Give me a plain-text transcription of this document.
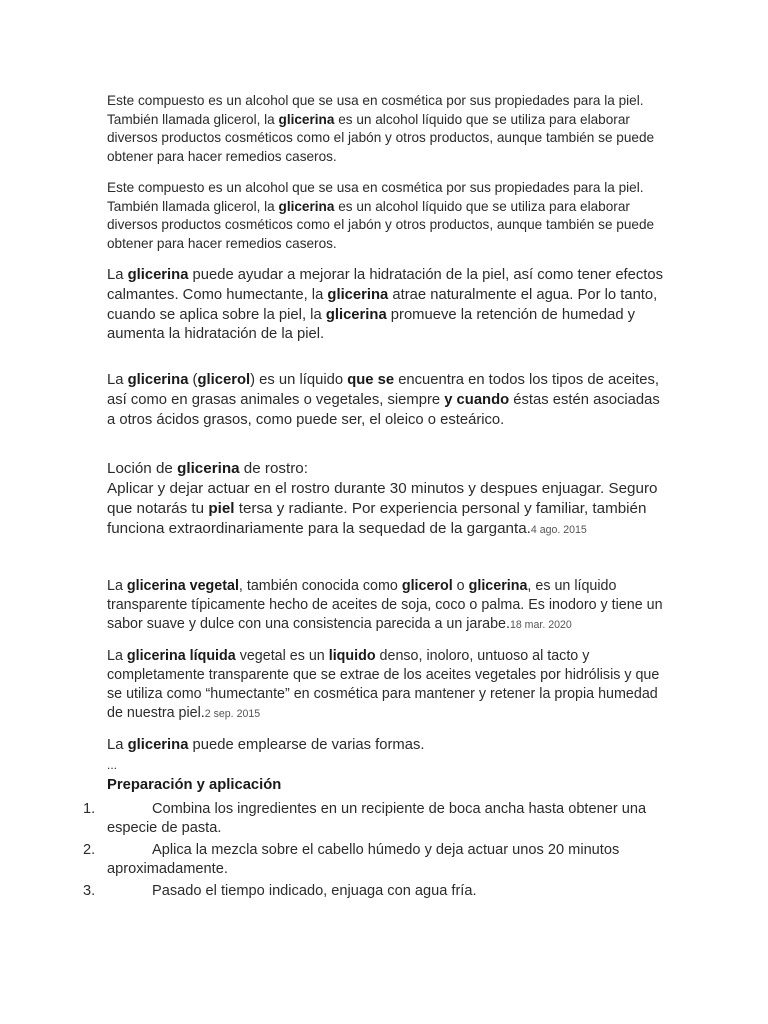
Este compuesto es un alcohol que se usa en cosmética por sus propiedades para la piel. También llamada glicerol, la glicerina es un alcohol líquido que se utiliza para elaborar diversos productos cosméticos como el jabón y otros productos, aunque también se puede obtener para hacer remedios caseros.

Este compuesto es un alcohol que se usa en cosmética por sus propiedades para la piel. También llamada glicerol, la glicerina es un alcohol líquido que se utiliza para elaborar diversos productos cosméticos como el jabón y otros productos, aunque también se puede obtener para hacer remedios caseros.

La glicerina puede ayudar a mejorar la hidratación de la piel, así como tener efectos calmantes. Como humectante, la glicerina atrae naturalmente el agua. Por lo tanto, cuando se aplica sobre la piel, la glicerina promueve la retención de humedad y aumenta la hidratación de la piel.

La glicerina (glicerol) es un líquido que se encuentra en todos los tipos de aceites, así como en grasas animales o vegetales, siempre y cuando éstas estén asociadas a otros ácidos grasos, como puede ser, el oleico o esteárico.

Loción de glicerina de rostro:
Aplicar y dejar actuar en el rostro durante 30 minutos y despues enjuagar. Seguro que notarás tu piel tersa y radiante. Por experiencia personal y familiar, también funciona extraordinariamente para la sequedad de la garganta.4 ago. 2015

La glicerina vegetal, también conocida como glicerol o glicerina, es un líquido transparente típicamente hecho de aceites de soja, coco o palma. Es inodoro y tiene un sabor suave y dulce con una consistencia parecida a un jarabe.18 mar. 2020

La glicerina líquida vegetal es un liquido denso, inoloro, untuoso al tacto y completamente transparente que se extrae de los aceites vegetales por hidrólisis y que se utiliza como “humectante” en cosmética para mantener y retener la propia humedad de nuestra piel.2 sep. 2015

La glicerina puede emplearse de varias formas.
...
Preparación y aplicación

1.	Combina los ingredientes en un recipiente de boca ancha hasta obtener una especie de pasta.
2.	Aplica la mezcla sobre el cabello húmedo y deja actuar unos 20 minutos aproximadamente.
3.	Pasado el tiempo indicado, enjuaga con agua fría.
